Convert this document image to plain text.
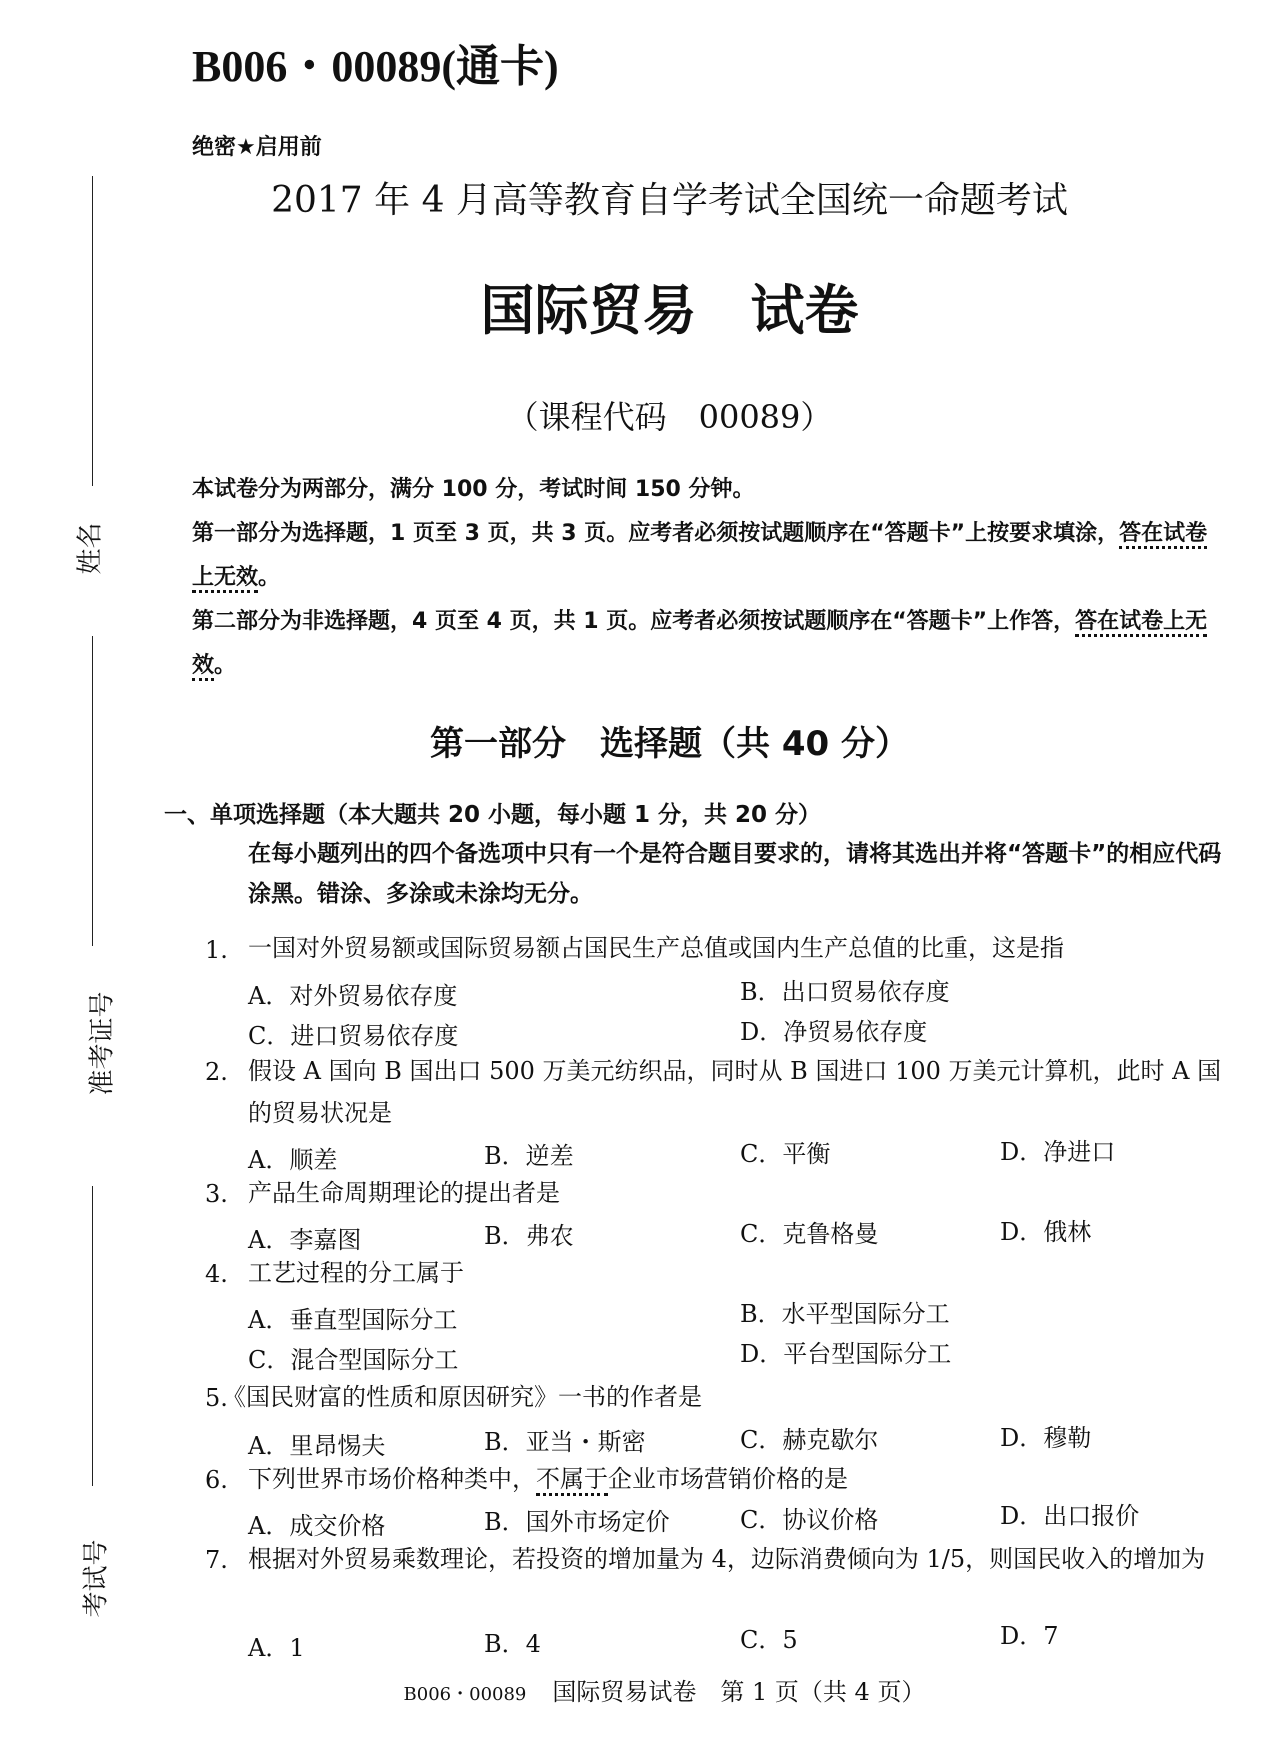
B006・00089(通卡)
绝密★启用前
2017 年 4 月高等教育自学考试全国统一命题考试
国际贸易　试卷
（课程代码　00089）
姓名
准考证号
考试号
本试卷分为两部分，满分 100 分，考试时间 150 分钟。
第一部分为选择题，1 页至 3 页，共 3 页。应考者必须按试题顺序在“答题卡”上按要求填涂，答在试卷上无效。
第二部分为非选择题，4 页至 4 页，共 1 页。应考者必须按试题顺序在“答题卡”上作答，答在试卷上无效。
第一部分　选择题（共 40 分）
一、单项选择题（本大题共 20 小题，每小题 1 分，共 20 分）
在每小题列出的四个备选项中只有一个是符合题目要求的，请将其选出并将“答题卡”的相应代码涂黑。错涂、多涂或未涂均无分。
1. 一国对外贸易额或国际贸易额占国民生产总值或国内生产总值的比重，这是指
A．对外贸易依存度	B．出口贸易依存度
C．进口贸易依存度	D．净贸易依存度
2. 假设 A 国向 B 国出口 500 万美元纺织品，同时从 B 国进口 100 万美元计算机，此时 A 国的贸易状况是
A．顺差	B．逆差	C．平衡	D．净进口
3. 产品生命周期理论的提出者是
A．李嘉图	B．弗农	C．克鲁格曼	D．俄林
4. 工艺过程的分工属于
A．垂直型国际分工	B．水平型国际分工
C．混合型国际分工	D．平台型国际分工
5.
《国民财富的性质和原因研究》一书的作者是
A．里昂惕夫	B．亚当・斯密	C．赫克歇尔	D．穆勒
6. 下列世界市场价格种类中，不属于企业市场营销价格的是
A．成交价格	B．国外市场定价	C．协议价格	D．出口报价
7. 根据对外贸易乘数理论，若投资的增加量为 4，边际消费倾向为 1/5，则国民收入的增加为
A．1	B．4	C．5	D．7
B006・00089 国际贸易试卷　第 1 页（共 4 页）
